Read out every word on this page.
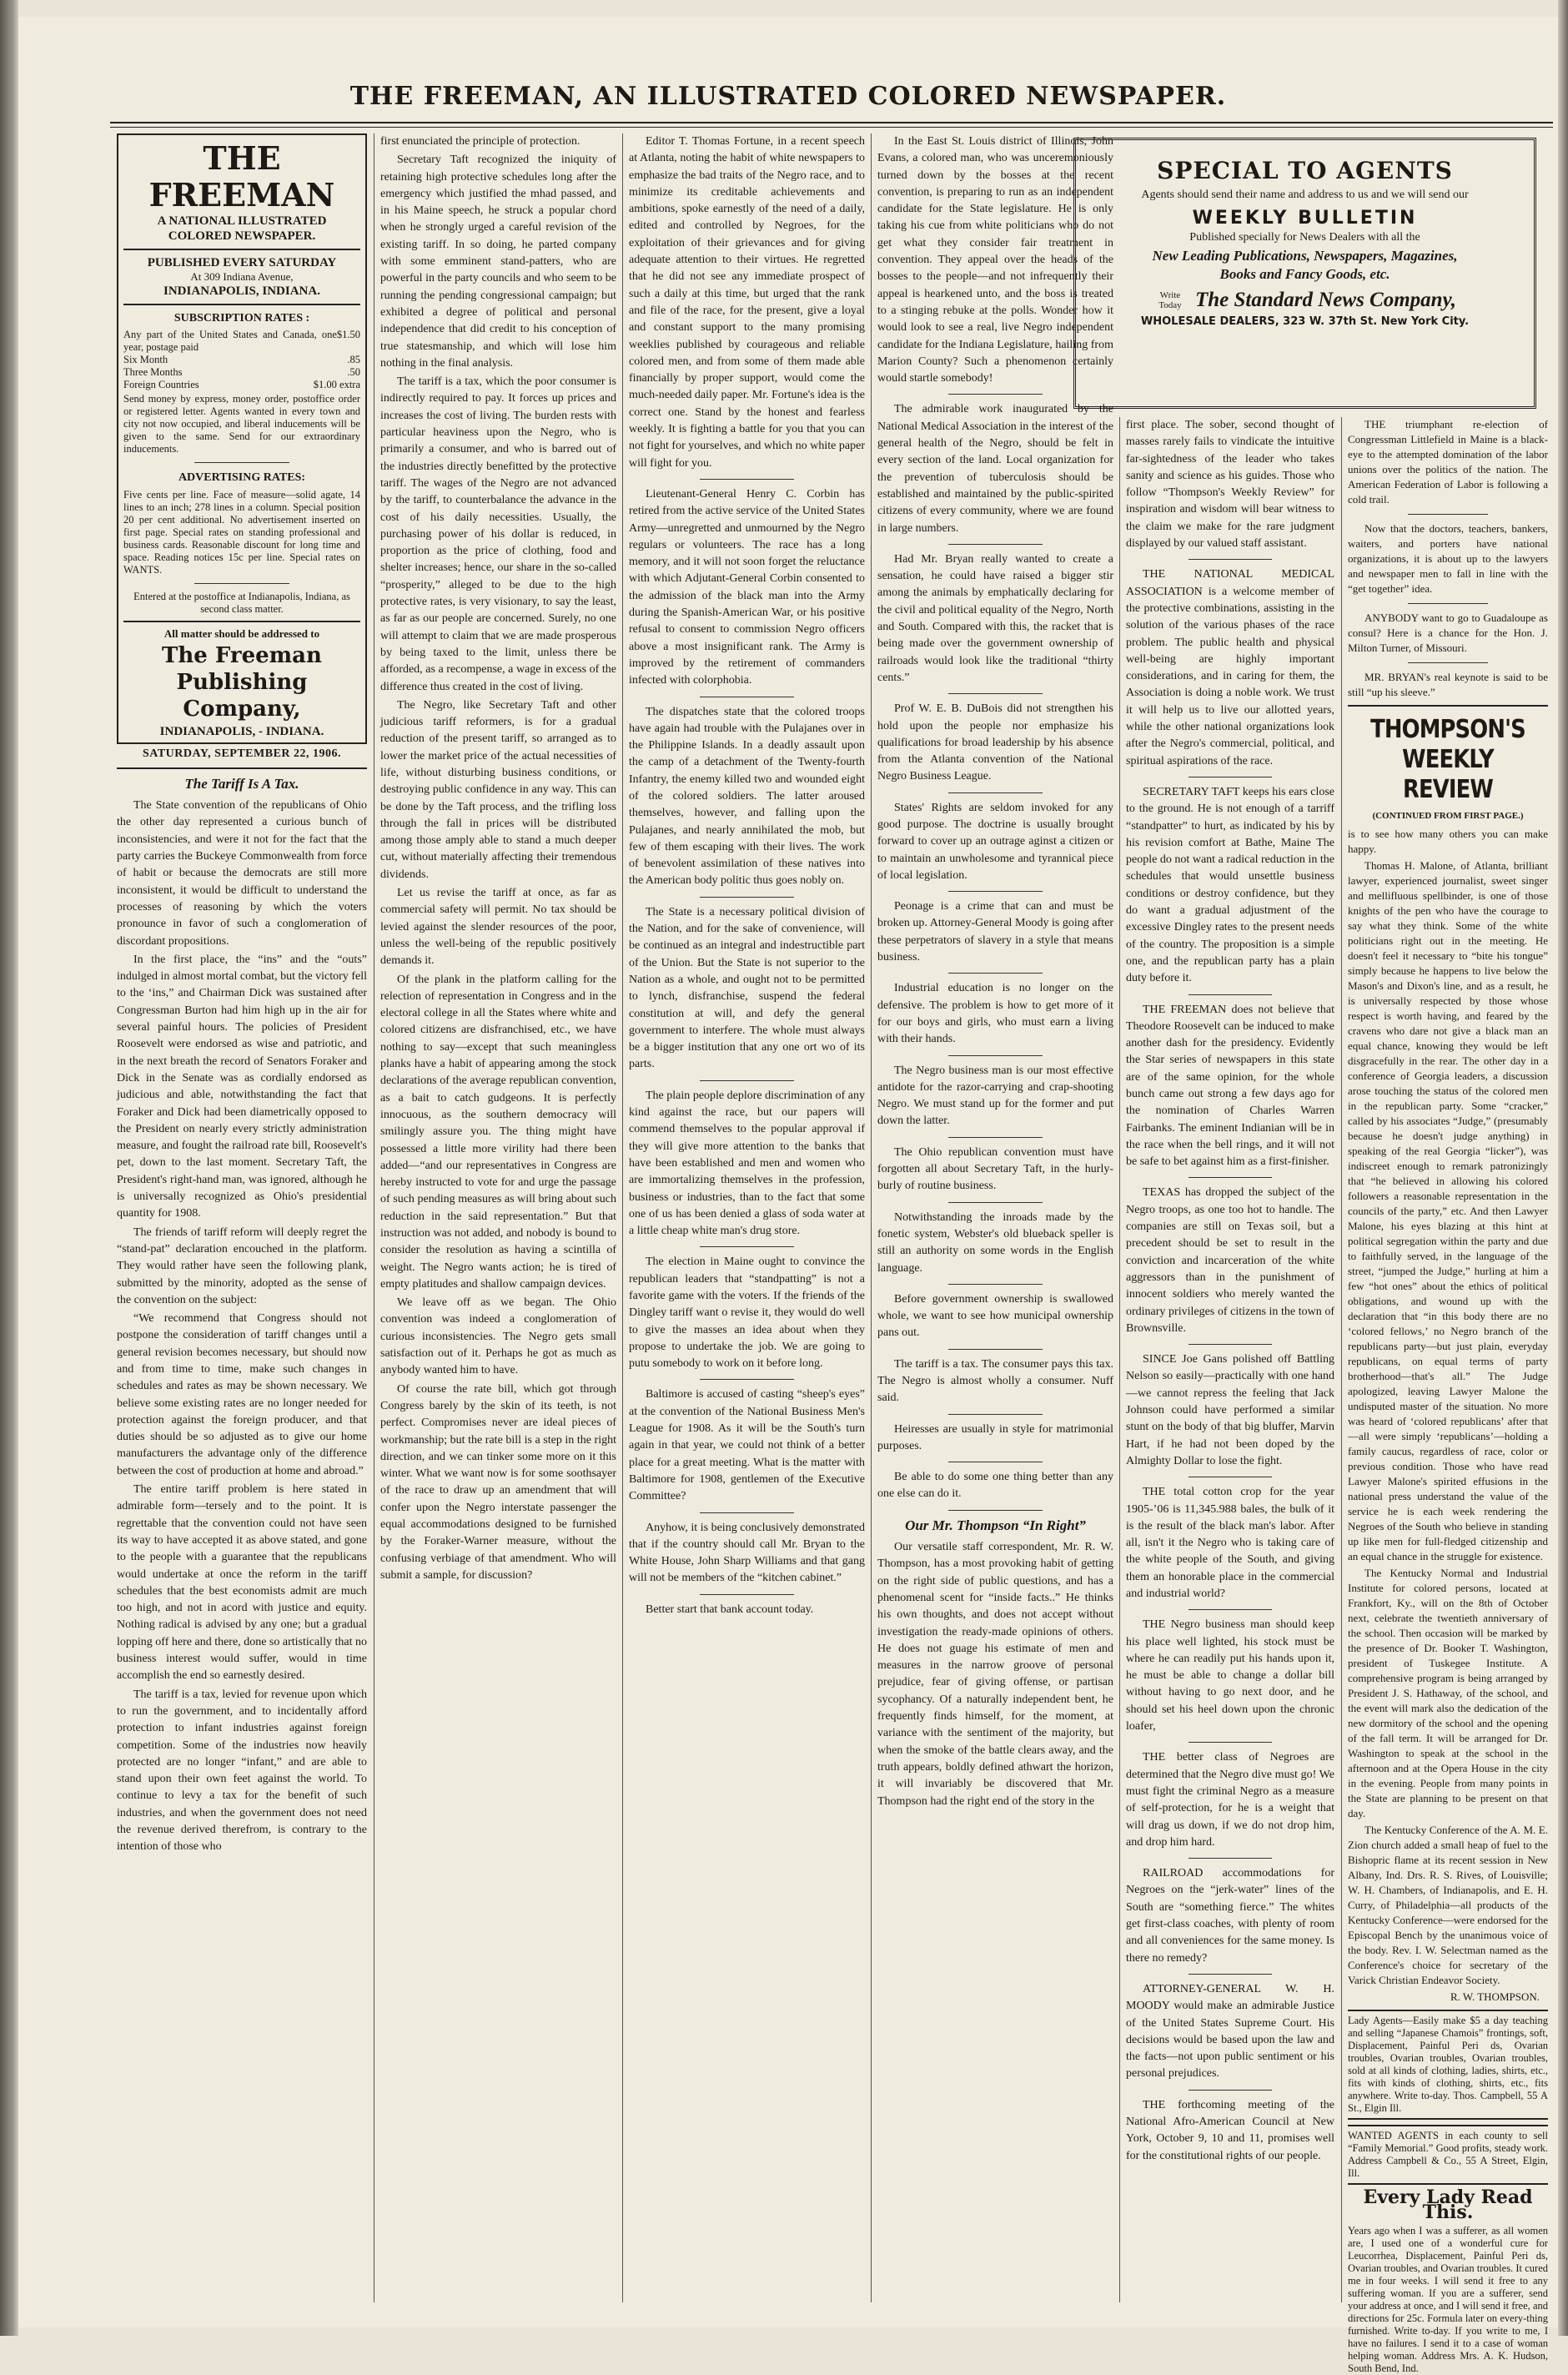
THE FREEMAN, AN ILLUSTRATED COLORED NEWSPAPER.
THE FREEMAN
A NATIONAL ILLUSTRATED
COLORED NEWSPAPER.
PUBLISHED EVERY SATURDAY
At 309 Indiana Avenue,
INDIANAPOLIS, INDIANA.
SUBSCRIPTION RATES :
Any part of the United States and Canada, one year, postage paid
$1.50
Six Month	.85
Three Months	.50
Foreign Countries	$1.00 extra
Send money by express, money order, postoffice order or registered letter. Agents wanted in every town and city not now occupied, and liberal inducements will be given to the same. Send for our extraordinary inducements.
ADVERTISING RATES:
Five cents per line. Face of measure—solid agate, 14 lines to an inch; 278 lines in a column. Special position 20 per cent additional. No advertisement inserted on first page. Special rates on standing professional and business cards. Reasonable discount for long time and space. Reading notices 15c per line. Special rates on WANTS.
Entered at the postoffice at Indianapolis, Indiana, as second class matter.
All matter should be addressed to
The Freeman Publishing Company,
INDIANAPOLIS, - INDIANA.
SATURDAY, SEPTEMBER 22, 1906.
The Tariff Is A Tax.

The State convention of the republicans of Ohio the other day represented a curious bunch of inconsistencies, and were it not for the fact that the party carries the Buckeye Commonwealth from force of habit or because the democrats are still more inconsistent, it would be difficult to understand the processes of reasoning by which the voters pronounce in favor of such a conglomeration of discordant propositions.

In the first place, the “ins” and the “outs” indulged in almost mortal combat, but the victory fell to the ‘ins,” and Chairman Dick was sustained after Congressman Burton had him high up in the air for several painful hours. The policies of President Roosevelt were endorsed as wise and patriotic, and in the next breath the record of Senators Foraker and Dick in the Senate was as cordially endorsed as judicious and able, notwithstanding the fact that Foraker and Dick had been diametrically opposed to the President on nearly every strictly administration measure, and fought the railroad rate bill, Roosevelt's pet, down to the last moment. Secretary Taft, the President's right-hand man, was ignored, although he is universally recognized as Ohio's presidential quantity for 1908.

The friends of tariff reform will deeply regret the “stand-pat” declaration encouched in the platform. They would rather have seen the following plank, submitted by the minority, adopted as the sense of the convention on the subject:

“We recommend that Congress should not postpone the consideration of tariff changes until a general revision becomes necessary, but should now and from time to time, make such changes in schedules and rates as may be shown necessary. We believe some existing rates are no longer needed for protection against the foreign producer, and that duties should be so adjusted as to give our home manufacturers the advantage only of the difference between the cost of production at home and abroad.”

The entire tariff problem is here stated in admirable form—tersely and to the point. It is regrettable that the convention could not have seen its way to have accepted it as above stated, and gone to the people with a guarantee that the republicans would undertake at once the reform in the tariff schedules that the best economists admit are much too high, and not in acord with justice and equity. Nothing radical is advised by any one; but a gradual lopping off here and there, done so artistically that no business interest would suffer, would in time accomplish the end so earnestly desired.

The tariff is a tax, levied for revenue upon which to run the government, and to incidentally afford protection to infant industries against foreign competition. Some of the industries now heavily protected are no longer “infant,” and are able to stand upon their own feet against the world. To continue to levy a tax for the benefit of such industries, and when the government does not need the revenue derived therefrom, is contrary to the intention of those who

first enunciated the principle of protection.

Secretary Taft recognized the iniquity of retaining high protective schedules long after the emergency which justified the mhad passed, and in his Maine speech, he struck a popular chord when he strongly urged a careful revision of the existing tariff. In so doing, he parted company with some emminent stand-patters, who are powerful in the party councils and who seem to be running the pending congressional campaign; but exhibited a degree of political and personal independence that did credit to his conception of true statesmanship, and which will lose him nothing in the final analysis.

The tariff is a tax, which the poor consumer is indirectly required to pay. It forces up prices and increases the cost of living. The burden rests with particular heaviness upon the Negro, who is primarily a consumer, and who is barred out of the industries directly benefitted by the protective tariff. The wages of the Negro are not advanced by the tariff, to counterbalance the advance in the cost of his daily necessities. Usually, the purchasing power of his dollar is reduced, in proportion as the price of clothing, food and shelter increases; hence, our share in the so-called “prosperity,” alleged to be due to the high protective rates, is very visionary, to say the least, as far as our people are concerned. Surely, no one will attempt to claim that we are made prosperous by being taxed to the limit, unless there be afforded, as a recompense, a wage in excess of the difference thus created in the cost of living.

The Negro, like Secretary Taft and other judicious tariff reformers, is for a gradual reduction of the present tariff, so arranged as to lower the market price of the actual necessities of life, without disturbing business conditions, or destroying public confidence in any way. This can be done by the Taft process, and the trifling loss through the fall in prices will be distributed among those amply able to stand a much deeper cut, without materially affecting their tremendous dividends.

Let us revise the tariff at once, as far as commercial safety will permit. No tax should be levied against the slender resources of the poor, unless the well-being of the republic positively demands it.

Of the plank in the platform calling for the relection of representation in Congress and in the electoral college in all the States where white and colored citizens are disfranchised, etc., we have nothing to say—except that such meaningless planks have a habit of appearing among the stock declarations of the average republican convention, as a bait to catch gudgeons. It is perfectly innocuous, as the southern democracy will smilingly assure you. The thing might have possessed a little more virility had there been added—“and our representatives in Congress are hereby instructed to vote for and urge the passage of such pending measures as will bring about such reduction in the said representation.” But that instruction was not added, and nobody is bound to consider the resolution as having a scintilla of weight. The Negro wants action; he is tired of empty platitudes and shallow campaign devices.

We leave off as we began. The Ohio convention was indeed a conglomeration of curious inconsistencies. The Negro gets small satisfaction out of it. Perhaps he got as much as anybody wanted him to have.

Of course the rate bill, which got through Congress barely by the skin of its teeth, is not perfect. Compromises never are ideal pieces of workmanship; but the rate bill is a step in the right direction, and we can tinker some more on it this winter. What we want now is for some soothsayer of the race to draw up an amendment that will confer upon the Negro interstate passenger the equal accommodations designed to be furnished by the Foraker-Warner measure, without the confusing verbiage of that amendment. Who will submit a sample, for discussion?

Editor T. Thomas Fortune, in a recent speech at Atlanta, noting the habit of white newspapers to emphasize the bad traits of the Negro race, and to minimize its creditable achievements and ambitions, spoke earnestly of the need of a daily, edited and controlled by Negroes, for the exploitation of their grievances and for giving adequate attention to their virtues. He regretted that he did not see any immediate prospect of such a daily at this time, but urged that the rank and file of the race, for the present, give a loyal and constant support to the many promising weeklies published by courageous and reliable colored men, and from some of them made able financially by proper support, would come the much-needed daily paper. Mr. Fortune's idea is the correct one. Stand by the honest and fearless weekly. It is fighting a battle for you that you can not fight for yourselves, and which no white paper will fight for you.

Lieutenant-General Henry C. Corbin has retired from the active service of the United States Army—unregretted and unmourned by the Negro regulars or volunteers. The race has a long memory, and it will not soon forget the reluctance with which Adjutant-General Corbin consented to the admission of the black man into the Army during the Spanish-American War, or his positive refusal to consent to commission Negro officers above a most insignificant rank. The Army is improved by the retirement of commanders infected with colorphobia.

The dispatches state that the colored troops have again had trouble with the Pulajanes over in the Philippine Islands. In a deadly assault upon the camp of a detachment of the Twenty-fourth Infantry, the enemy killed two and wounded eight of the colored soldiers. The latter aroused themselves, however, and falling upon the Pulajanes, and nearly annihilated the mob, but few of them escaping with their lives. The work of benevolent assimilation of these natives into the American body politic thus goes nobly on.

The State is a necessary political division of the Nation, and for the sake of convenience, will be continued as an integral and indestructible part of the Union. But the State is not superior to the Nation as a whole, and ought not to be permitted to lynch, disfranchise, suspend the federal constitution at will, and defy the general government to interfere. The whole must always be a bigger institution that any one ort wo of its parts.

The plain people deplore discrimination of any kind against the race, but our papers will commend themselves to the popular approval if they will give more attention to the banks that have been established and men and women who are immortalizing themselves in the profession, business or industries, than to the fact that some one of us has been denied a glass of soda water at a little cheap white man's drug store.

The election in Maine ought to convince the republican leaders that “standpatting” is not a favorite game with the voters. If the friends of the Dingley tariff want o revise it, they would do well to give the masses an idea about when they propose to undertake the job. We are going to putu somebody to work on it before long.

Baltimore is accused of casting “sheep's eyes” at the convention of the National Business Men's League for 1908. As it will be the South's turn again in that year, we could not think of a better place for a great meeting. What is the matter with Baltimore for 1908, gentlemen of the Executive Committee?

Anyhow, it is being conclusively demonstrated that if the country should call Mr. Bryan to the White House, John Sharp Williams and that gang will not be members of the “kitchen cabinet.”

Better start that bank account today.

In the East St. Louis district of Illinois, John Evans, a colored man, who was unceremoniously turned down by the bosses at the recent convention, is preparing to run as an independent candidate for the State legislature. He is only taking his cue from white politicians who do not get what they consider fair treatment in convention. They appeal over the heads of the bosses to the people—and not infrequently their appeal is hearkened unto, and the boss is treated to a stinging rebuke at the polls. Wonder how it would look to see a real, live Negro independent candidate for the Indiana Legislature, hailing from Marion County? Such a phenomenon certainly would startle somebody!

The admirable work inaugurated by the National Medical Association in the interest of the general health of the Negro, should be felt in every section of the land. Local organization for the prevention of tuberculosis should be established and maintained by the public-spirited citizens of every community, where we are found in large numbers.

Had Mr. Bryan really wanted to create a sensation, he could have raised a bigger stir among the animals by emphatically declaring for the civil and political equality of the Negro, North and South. Compared with this, the racket that is being made over the government ownership of railroads would look like the traditional “thirty cents.”

Prof W. E. B. DuBois did not strengthen his hold upon the people nor emphasize his qualifications for broad leadership by his absence from the Atlanta convention of the National Negro Business League.

States' Rights are seldom invoked for any good purpose. The doctrine is usually brought forward to cover up an outrage aginst a citizen or to maintain an unwholesome and tyrannical piece of local legislation.

Peonage is a crime that can and must be broken up. Attorney-General Moody is going after these perpetrators of slavery in a style that means business.

Industrial education is no longer on the defensive. The problem is how to get more of it for our boys and girls, who must earn a living with their hands.

The Negro business man is our most effective antidote for the razor-carrying and crap-shooting Negro. We must stand up for the former and put down the latter.

The Ohio republican convention must have forgotten all about Secretary Taft, in the hurly-burly of routine business.

Notwithstanding the inroads made by the fonetic system, Webster's old blueback speller is still an authority on some words in the English language.

Before government ownership is swallowed whole, we want to see how municipal ownership pans out.

The tariff is a tax. The consumer pays this tax. The Negro is almost wholly a consumer. Nuff said.

Heiresses are usually in style for matrimonial purposes.

Be able to do some one thing better than any one else can do it.

Our Mr. Thompson “In Right”

Our versatile staff correspondent, Mr. R. W. Thompson, has a most provoking habit of getting on the right side of public questions, and has a phenomenal scent for “inside facts..” He thinks his own thoughts, and does not accept without investigation the ready-made opinions of others. He does not guage his estimate of men and measures in the narrow groove of personal prejudice, fear of giving offense, or partisan sycophancy. Of a naturally independent bent, he frequently finds himself, for the moment, at variance with the sentiment of the majority, but when the smoke of the battle clears away, and the truth appears, boldly defined athwart the horizon, it will invariably be discovered that Mr. Thompson had the right end of the story in the

SPECIAL TO AGENTS
Agents should send their name and address to us and we will send our
WEEKLY BULLETIN
Published specially for News Dealers with all the
New Leading Publications, Newspapers, Magazines,
Books and Fancy Goods, etc.
Write Today The Standard News Company,
WHOLESALE DEALERS, 323 W. 37th St. New York City.

first place. The sober, second thought of masses rarely fails to vindicate the intuitive far-sightedness of the leader who takes sanity and science as his guides. Those who follow “Thompson's Weekly Review” for inspiration and wisdom will bear witness to the claim we make for the rare judgment displayed by our valued staff assistant.

THE NATIONAL MEDICAL ASSOCIATION is a welcome member of the protective combinations, assisting in the solution of the various phases of the race problem. The public health and physical well-being are highly important considerations, and in caring for them, the Association is doing a noble work. We trust it will help us to live our allotted years, while the other national organizations look after the Negro's commercial, political, and spiritual aspirations of the race.

SECRETARY TAFT keeps his ears close to the ground. He is not enough of a tarriff “standpatter” to hurt, as indicated by his by his revision comfort at Bathe, Maine The people do not want a radical reduction in the schedules that would unsettle business conditions or destroy confidence, but they do want a gradual adjustment of the excessive Dingley rates to the present needs of the country. The proposition is a simple one, and the republican party has a plain duty before it.

THE FREEMAN does not believe that Theodore Roosevelt can be induced to make another dash for the presidency. Evidently the Star series of newspapers in this state are of the same opinion, for the whole bunch came out strong a few days ago for the nomination of Charles Warren Fairbanks. The eminent Indianian will be in the race when the bell rings, and it will not be safe to bet against him as a first-finisher.

TEXAS has dropped the subject of the Negro troops, as one too hot to handle. The companies are still on Texas soil, but a precedent should be set to result in the conviction and incarceration of the white aggressors than in the punishment of innocent soldiers who merely wanted the ordinary privileges of citizens in the town of Brownsville.

SINCE Joe Gans polished off Battling Nelson so easily—practically with one hand—we cannot repress the feeling that Jack Johnson could have performed a similar stunt on the body of that big bluffer, Marvin Hart, if he had not been doped by the Almighty Dollar to lose the fight.

THE total cotton crop for the year 1905-’06 is 11,345.988 bales, the bulk of it is the result of the black man's labor. After all, isn't it the Negro who is taking care of the white people of the South, and giving them an honorable place in the commercial and industrial world?

THE Negro business man should keep his place well lighted, his stock must be where he can readily put his hands upon it, he must be able to change a dollar bill without having to go next door, and he should set his heel down upon the chronic loafer,

THE better class of Negroes are determined that the Negro dive must go! We must fight the criminal Negro as a measure of self-protection, for he is a weight that will drag us down, if we do not drop him, and drop him hard.

RAILROAD accommodations for Negroes on the “jerk-water” lines of the South are “something fierce.” The whites get first-class coaches, with plenty of room and all conveniences for the same money. Is there no remedy?

ATTORNEY-GENERAL W. H. MOODY would make an admirable Justice of the United States Supreme Court. His decisions would be based upon the law and the facts—not upon public sentiment or his personal prejudices.

THE forthcoming meeting of the National Afro-American Council at New York, October 9, 10 and 11, promises well for the constitutional rights of our people.

THE triumphant re-election of Congressman Littlefield in Maine is a black-eye to the attempted domination of the labor unions over the politics of the nation. The American Federation of Labor is following a cold trail.

Now that the doctors, teachers, bankers, waiters, and porters have national organizations, it is about up to the lawyers and newspaper men to fall in line with the “get together” idea.

ANYBODY want to go to Guadaloupe as consul? Here is a chance for the Hon. J. Milton Turner, of Missouri.

MR. BRYAN's real keynote is said to be still “up his sleeve.”

THOMPSON'S WEEKLY REVIEW
(CONTINUED FROM FIRST PAGE.)

is to see how many others you can make happy.

Thomas H. Malone, of Atlanta, brilliant lawyer, experienced journalist, sweet singer and mellifluous spellbinder, is one of those knights of the pen who have the courage to say what they think. Some of the white politicians right out in the meeting. He doesn't feel it necessary to “bite his tongue” simply because he happens to live below the Mason's and Dixon's line, and as a result, he is universally respected by those whose respect is worth having, and feared by the cravens who dare not give a black man an equal chance, knowing they would be left disgracefully in the rear. The other day in a conference of Georgia leaders, a discussion arose touching the status of the colored men in the republican party. Some “cracker,” called by his associates “Judge,” (presumably because he doesn't judge anything) in speaking of the real Georgia “licker”), was indiscreet enough to remark patronizingly that “he believed in allowing his colored followers a reasonable representation in the councils of the party,” etc. And then Lawyer Malone, his eyes blazing at this hint at political segregation within the party and due to faithfully served, in the language of the street, “jumped the Judge,” hurling at him a few “hot ones” about the ethics of political obligations, and wound up with the declaration that “in this body there are no ‘colored fellows,’ no Negro branch of the republicans party—but just plain, everyday republicans, on equal terms of party brotherhood—that's all.” The Judge apologized, leaving Lawyer Malone the undisputed master of the situation. No more was heard of ‘colored republicans’ after that—all were simply ‘republicans’—holding a family caucus, regardless of race, color or previous condition. Those who have read Lawyer Malone's spirited effusions in the national press understand the value of the service he is each week rendering the Negroes of the South who believe in standing up like men for full-fledged citizenship and an equal chance in the struggle for existence.

The Kentucky Normal and Industrial Institute for colored persons, located at Frankfort, Ky., will on the 8th of October next, celebrate the twentieth anniversary of the school. Then occasion will be marked by the presence of Dr. Booker T. Washington, president of Tuskegee Institute. A comprehensive program is being arranged by President J. S. Hathaway, of the school, and the event will mark also the dedication of the new dormitory of the school and the opening of the fall term. It will be arranged for Dr. Washington to speak at the school in the afternoon and at the Opera House in the city in the evening. People from many points in the State are planning to be present on that day.

The Kentucky Conference of the A. M. E. Zion church added a small heap of fuel to the Bishopric flame at its recent session in New Albany, Ind. Drs. R. S. Rives, of Louisville; W. H. Chambers, of Indianapolis, and E. H. Curry, of Philadelphia—all products of the Kentucky Conference—were endorsed for the Episcopal Bench by the unanimous voice of the body. Rev. I. W. Selectman named as the Conference's choice for secretary of the Varick Christian Endeavor Society.

R. W. THOMPSON.
Lady Agents—Easily make $5 a day teaching and selling “Japanese Chamois” frontings, soft, Displacement, Painful Peri ds, Ovarian troubles, Ovarian troubles, Ovarian troubles, sold at all kinds of clothing, ladies, shirts, etc., fits with kinds of clothing, shirts, etc., fits anywhere. Write to-day. Thos. Campbell, 55 A St., Elgin Ill.
WANTED AGENTS in each county to sell “Family Memorial.” Good profits, steady work. Address Campbell & Co., 55 A Street, Elgin, Ill.
Every Lady Read This.
Years ago when I was a sufferer, as all women are, I used one of a wonderful cure for Leucorrhea, Displacement, Painful Peri ds, Ovarian troubles, and Ovarian troubles. It cured me in four weeks. I will send it free to any suffering woman. If you are a sufferer, send your address at once, and I will send it free, and directions for 25c. Formula later on every-thing furnished. Write to-day. If you write to me, I have no failures. I send it to a case of woman helping woman. Address Mrs. A. K. Hudson, South Bend, Ind.
